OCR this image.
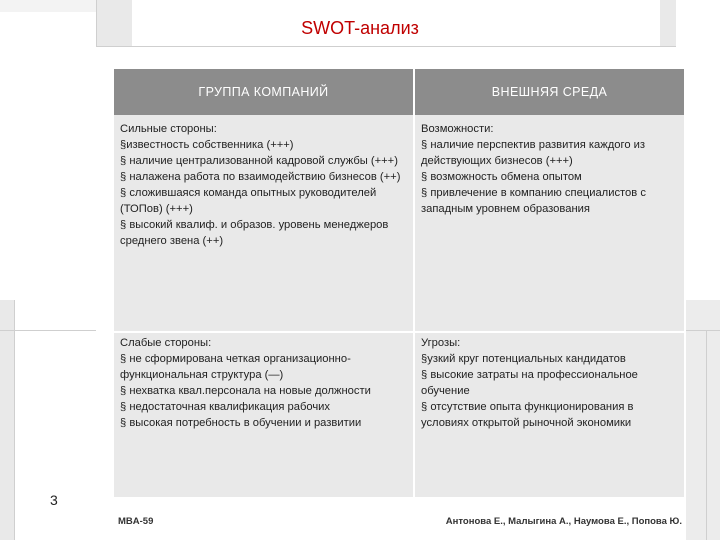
SWOT-анализ
ГРУППА КОМПАНИЙ	ВНЕШНЯЯ СРЕДА
Сильные стороны:
§известность собственника (+++)
§ наличие централизованной кадровой службы (+++)
§ налажена работа по взаимодействию бизнесов (++)
§ сложившаяся команда опытных руководителей (ТОПов) (+++)
§ высокий квалиф. и образов. уровень менеджеров среднего звена (++)
Возможности:
§ наличие перспектив развития каждого из действующих бизнесов (+++)
§ возможность обмена опытом
§ привлечение в компанию специалистов с западным уровнем образования
Слабые стороны:
§ не сформирована четкая организационно-функциональная структура (—)
§ нехватка квал.персонала на новые должности
§ недостаточная квалификация рабочих
§ высокая потребность в обучении и развитии
Угрозы:
§узкий круг потенциальных кандидатов
§ высокие затраты на профессиональное обучение
§ отсутствие опыта функционирования в условиях открытой рыночной экономики
3
MBA-59	Антонова Е., Малыгина А., Наумова Е., Попова Ю.
